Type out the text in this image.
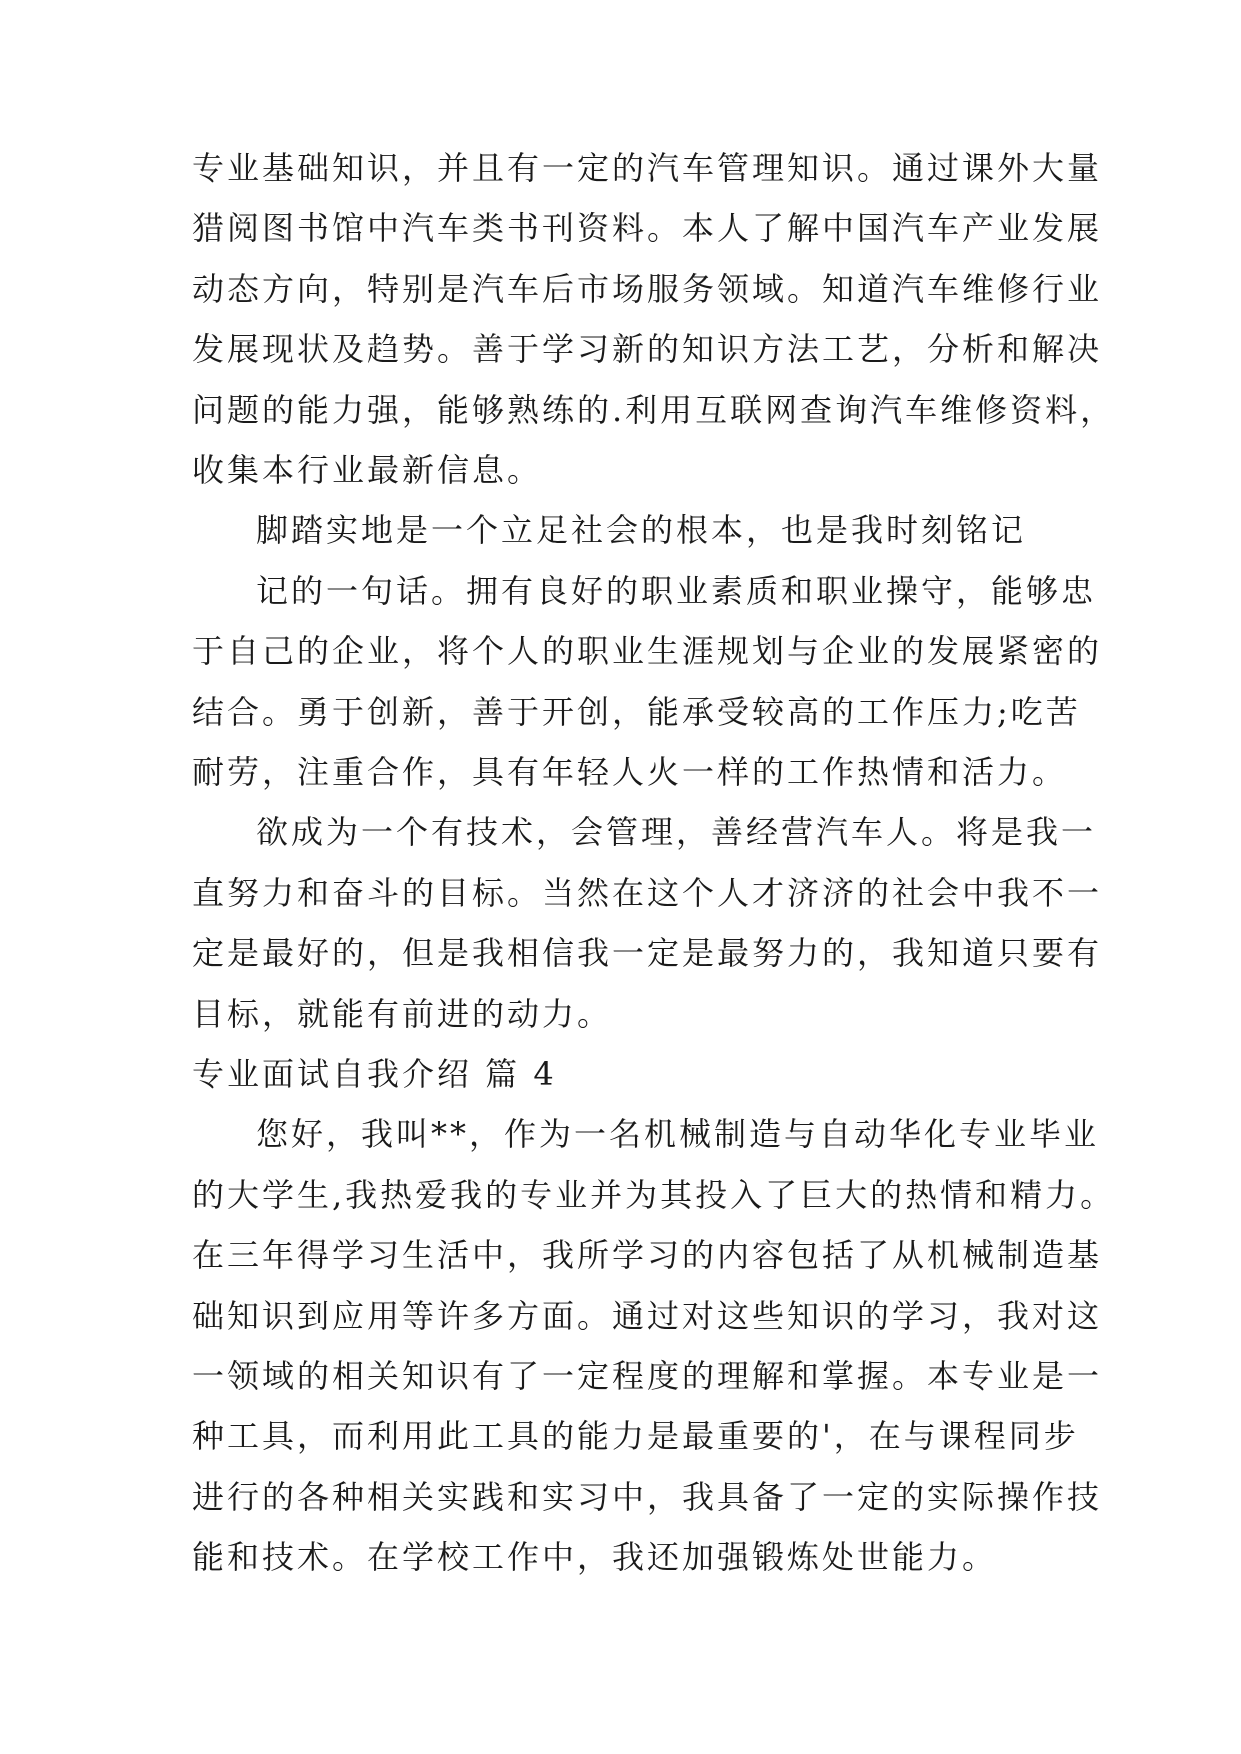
专业基础知识，并且有一定的汽车管理知识。通过课外大量
猎阅图书馆中汽车类书刊资料。本人了解中国汽车产业发展
动态方向，特别是汽车后市场服务领域。知道汽车维修行业
发展现状及趋势。善于学习新的知识方法工艺，分析和解决
问题的能力强，能够熟练的.利用互联网查询汽车维修资料，
收集本行业最新信息。
脚踏实地是一个立足社会的根本，也是我时刻铭记
记的一句话。拥有良好的职业素质和职业操守，能够忠
于自己的企业，将个人的职业生涯规划与企业的发展紧密的
结合。勇于创新，善于开创，能承受较高的工作压力;吃苦
耐劳，注重合作，具有年轻人火一样的工作热情和活力。
欲成为一个有技术，会管理，善经营汽车人。将是我一
直努力和奋斗的目标。当然在这个人才济济的社会中我不一
定是最好的，但是我相信我一定是最努力的，我知道只要有
目标，就能有前进的动力。
专业面试自我介绍 篇 4
您好，我叫**，作为一名机械制造与自动华化专业毕业
的大学生,我热爱我的专业并为其投入了巨大的热情和精力。
在三年得学习生活中，我所学习的内容包括了从机械制造基
础知识到应用等许多方面。通过对这些知识的学习，我对这
一领域的相关知识有了一定程度的理解和掌握。本专业是一
种工具，而利用此工具的能力是最重要的'，在与课程同步
进行的各种相关实践和实习中，我具备了一定的实际操作技
能和技术。在学校工作中，我还加强锻炼处世能力。
